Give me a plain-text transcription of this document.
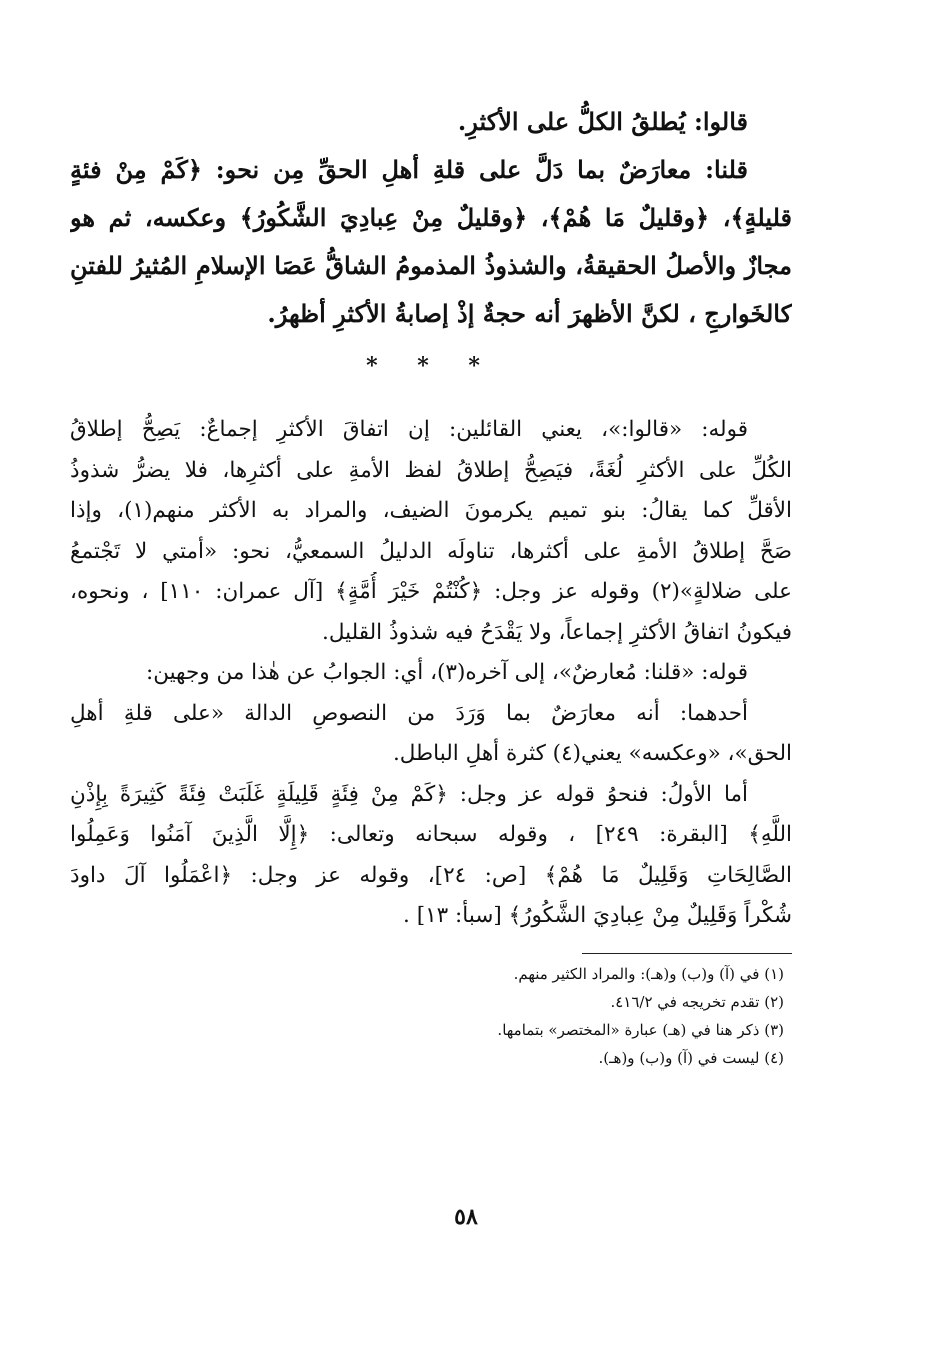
قالوا: يُطلقُ الكلُّ على الأكثرِ.
قلنا: معارَضٌ بما دَلَّ على قلةِ أهلِ الحقِّ مِن نحو: ﴿كَمْ مِنْ فئةٍ
قليلةٍ﴾، ﴿وقليلٌ مَا هُمْ﴾، ﴿وقليلٌ مِنْ عِبادِيَ الشَّكُورُ﴾ وعكسه، ثم هو
مجازٌ والأصلُ الحقيقةُ، والشذوذُ المذمومُ الشاقُّ عَصَا الإسلامِ المُثيرُ للفتنِ
كالخَوارجِ ، لكنَّ الأظهرَ أنه حجةٌ إذْ إصابةُ الأكثرِ أظهرُ.
* * *
قوله: «قالوا:»، يعني القائلين: إن اتفاقَ الأكثرِ إجماعٌ: يَصِحُّ إطلاقُ
الكُلِّ على الأكثرِ لُغَةً، فيَصِحُّ إطلاقُ لفظ الأمةِ على أكثرِها، فلا يضرُّ شذوذُ
الأقلِّ كما يقالُ: بنو تميم يكرمونَ الضيف، والمراد به الأكثر منهم(١)، وإذا
صَحَّ إطلاقُ الأمةِ على أكثرها، تناولَه الدليلُ السمعيُّ، نحو: «أمتي لا تَجْتمعُ
على ضلالةٍ»(٢) وقوله عز وجل: ﴿كُنْتُمْ خَيْرَ أُمَّةٍ﴾ [آل عمران: ١١٠] ، ونحوه،
فيكونُ اتفاقُ الأكثرِ إجماعاً، ولا يَقْدَحُ فيه شذوذُ القليل.
قوله: «قلنا: مُعارضٌ»، إلى آخره(٣)، أي: الجوابُ عن هٰذا من وجهين:
أحدهما: أنه معارَضٌ بما وَرَدَ من النصوصِ الدالة «على قلةِ أهلِ
الحق»، «وعكسه» يعني(٤) كثرة أهلِ الباطل.
أما الأولُ: فنحوُ قوله عز وجل: ﴿كَمْ مِنْ فِئَةٍ قَلِيلَةٍ غَلَبَتْ فِئَةً كَثِيرَةً بِإِذْنِ
اللَّهِ﴾ [البقرة: ٢٤٩] ، وقوله سبحانه وتعالى: ﴿إِلَّا الَّذِينَ آمَنُوا وَعَمِلُوا
الصَّالِحَاتِ وَقَلِيلٌ مَا هُمْ﴾ [ص: ٢٤]، وقوله عز وجل: ﴿اعْمَلُوا آلَ داودَ
شُكْراً وَقَلِيلٌ مِنْ عِبادِيَ الشَّكُورُ﴾ [سبأ: ١٣] .
(١) في (آ) و(ب) و(هـ): والمراد الكثير منهم.
(٢) تقدم تخريجه في ٤١٦/٢.
(٣) ذكر هنا في (هـ) عبارة «المختصر» بتمامها.
(٤) ليست في (آ) و(ب) و(هـ).
٥٨
